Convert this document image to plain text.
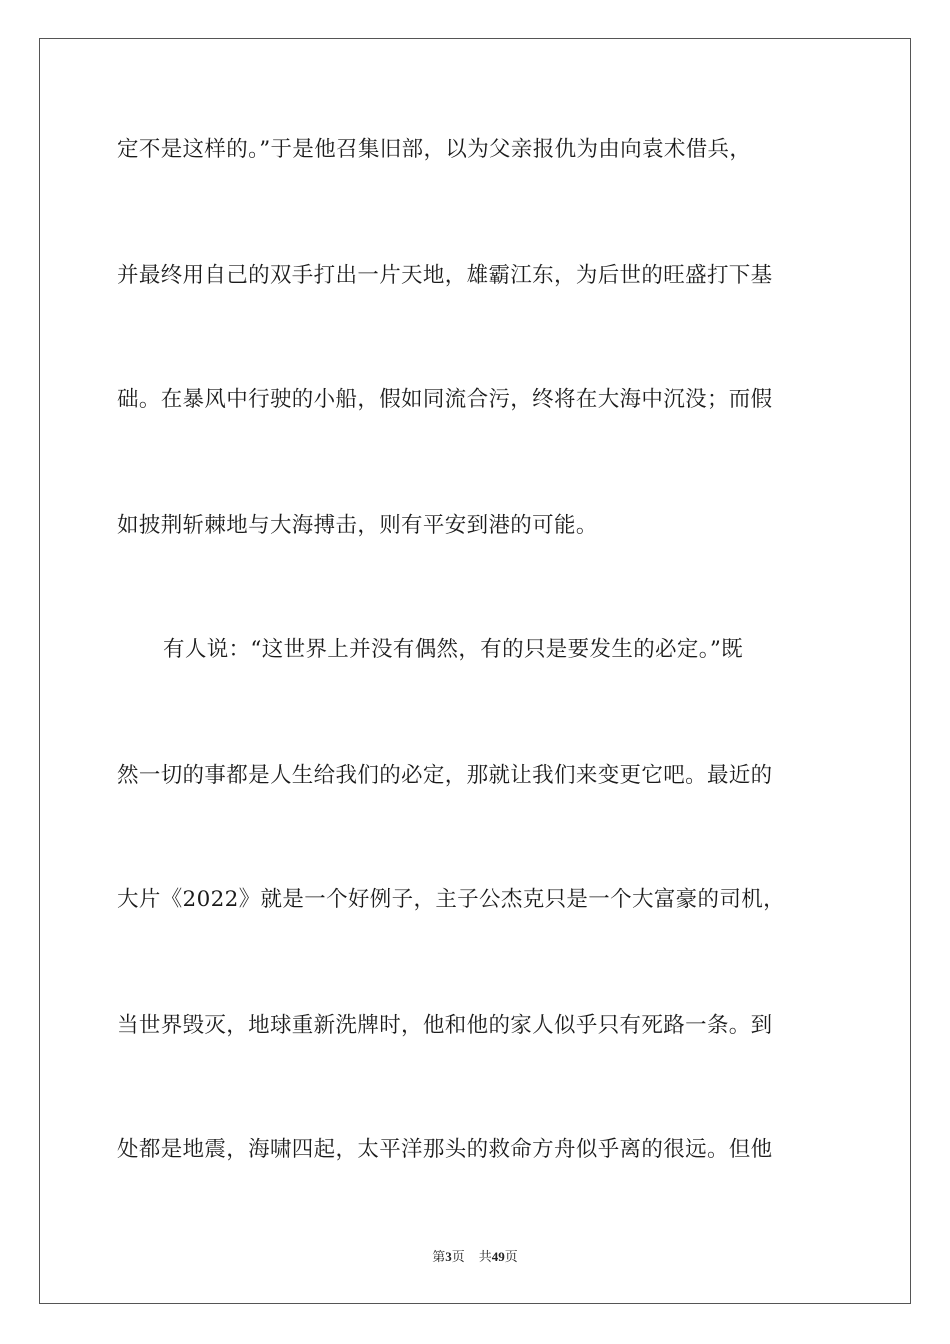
定不是这样的。”于是他召集旧部，以为父亲报仇为由向袁术借兵，
并最终用自己的双手打出一片天地，雄霸江东，为后世的旺盛打下基
础。在暴风中行驶的小船，假如同流合污，终将在大海中沉没；而假
如披荆斩棘地与大海搏击，则有平安到港的可能。
有人说：“这世界上并没有偶然，有的只是要发生的必定。”既
然一切的事都是人生给我们的必定，那就让我们来变更它吧。最近的
大片《2022》就是一个好例子，主子公杰克只是一个大富豪的司机，
当世界毁灭，地球重新洗牌时，他和他的家人似乎只有死路一条。到
处都是地震，海啸四起，太平洋那头的救命方舟似乎离的很远。但他
第3页 共49页
